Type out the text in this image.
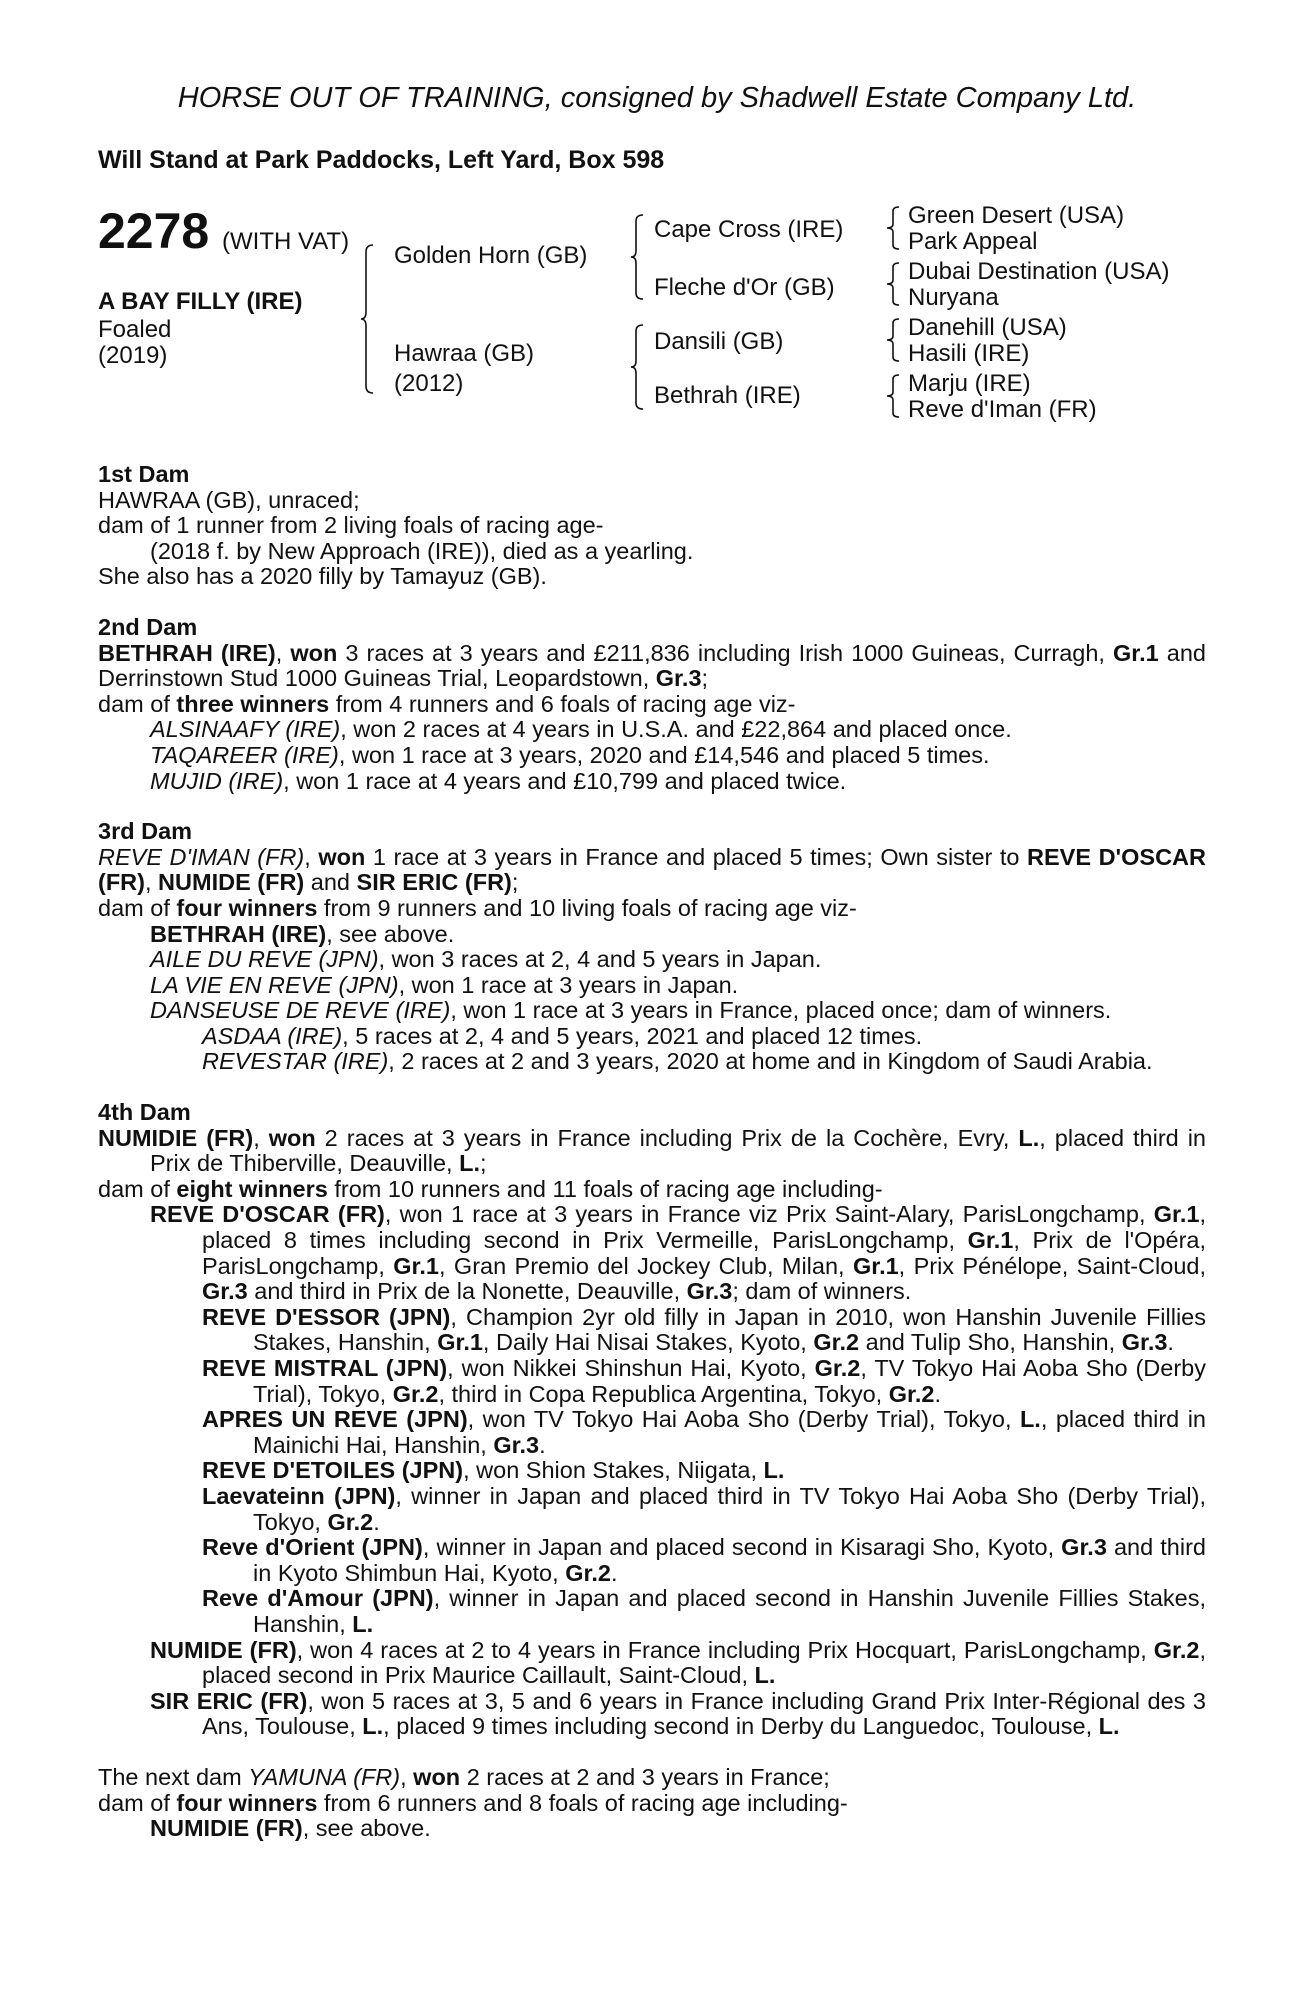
HORSE OUT OF TRAINING, consigned by Shadwell Estate Company Ltd.
Will Stand at Park Paddocks, Left Yard, Box 598
2278 (WITH VAT)
A BAY FILLY (IRE)
Foaled
(2019)
Golden Horn (GB)
Hawraa (GB)
(2012)
Cape Cross (IRE)
Fleche d'Or (GB)
Dansili (GB)
Bethrah (IRE)
Green Desert (USA)
Park Appeal
Dubai Destination (USA)
Nuryana
Danehill (USA)
Hasili (IRE)
Marju (IRE)
Reve d'Iman (FR)
1st Dam

HAWRAA (GB), unraced;

dam of 1 runner from 2 living foals of racing age-

(2018 f. by New Approach (IRE)), died as a yearling.

She also has a 2020 filly by Tamayuz (GB).

2nd Dam

BETHRAH (IRE), won 3 races at 3 years and £211,836 including Irish 1000 Guineas, Curragh, Gr.1 and Derrinstown Stud 1000 Guineas Trial, Leopardstown, Gr.3;

dam of three winners from 4 runners and 6 foals of racing age viz-

ALSINAAFY (IRE), won 2 races at 4 years in U.S.A. and £22,864 and placed once.

TAQAREER (IRE), won 1 race at 3 years, 2020 and £14,546 and placed 5 times.

MUJID (IRE), won 1 race at 4 years and £10,799 and placed twice.

3rd Dam

REVE D'IMAN (FR), won 1 race at 3 years in France and placed 5 times; Own sister to REVE D'OSCAR (FR), NUMIDE (FR) and SIR ERIC (FR);

dam of four winners from 9 runners and 10 living foals of racing age viz-

BETHRAH (IRE), see above.

AILE DU REVE (JPN), won 3 races at 2, 4 and 5 years in Japan.

LA VIE EN REVE (JPN), won 1 race at 3 years in Japan.

DANSEUSE DE REVE (IRE), won 1 race at 3 years in France, placed once; dam of winners.

ASDAA (IRE), 5 races at 2, 4 and 5 years, 2021 and placed 12 times.

REVESTAR (IRE), 2 races at 2 and 3 years, 2020 at home and in Kingdom of Saudi Arabia.

4th Dam

NUMIDIE (FR), won 2 races at 3 years in France including Prix de la Cochère, Evry, L., placed third in Prix de Thiberville, Deauville, L.;

dam of eight winners from 10 runners and 11 foals of racing age including-

REVE D'OSCAR (FR), won 1 race at 3 years in France viz Prix Saint-Alary, ParisLongchamp, Gr.1, placed 8 times including second in Prix Vermeille, ParisLongchamp, Gr.1, Prix de l'Opéra, ParisLongchamp, Gr.1, Gran Premio del Jockey Club, Milan, Gr.1, Prix Pénélope, Saint-Cloud, Gr.3 and third in Prix de la Nonette, Deauville, Gr.3; dam of winners.

REVE D'ESSOR (JPN), Champion 2yr old filly in Japan in 2010, won Hanshin Juvenile Fillies Stakes, Hanshin, Gr.1, Daily Hai Nisai Stakes, Kyoto, Gr.2 and Tulip Sho, Hanshin, Gr.3.

REVE MISTRAL (JPN), won Nikkei Shinshun Hai, Kyoto, Gr.2, TV Tokyo Hai Aoba Sho (Derby Trial), Tokyo, Gr.2, third in Copa Republica Argentina, Tokyo, Gr.2.

APRES UN REVE (JPN), won TV Tokyo Hai Aoba Sho (Derby Trial), Tokyo, L., placed third in Mainichi Hai, Hanshin, Gr.3.

REVE D'ETOILES (JPN), won Shion Stakes, Niigata, L.

Laevateinn (JPN), winner in Japan and placed third in TV Tokyo Hai Aoba Sho (Derby Trial), Tokyo, Gr.2.

Reve d'Orient (JPN), winner in Japan and placed second in Kisaragi Sho, Kyoto, Gr.3 and third in Kyoto Shimbun Hai, Kyoto, Gr.2.

Reve d'Amour (JPN), winner in Japan and placed second in Hanshin Juvenile Fillies Stakes, Hanshin, L.

NUMIDE (FR), won 4 races at 2 to 4 years in France including Prix Hocquart, ParisLongchamp, Gr.2, placed second in Prix Maurice Caillault, Saint-Cloud, L.

SIR ERIC (FR), won 5 races at 3, 5 and 6 years in France including Grand Prix Inter-Régional des 3 Ans, Toulouse, L., placed 9 times including second in Derby du Languedoc, Toulouse, L.

The next dam YAMUNA (FR), won 2 races at 2 and 3 years in France;

dam of four winners from 6 runners and 8 foals of racing age including-

NUMIDIE (FR), see above.
